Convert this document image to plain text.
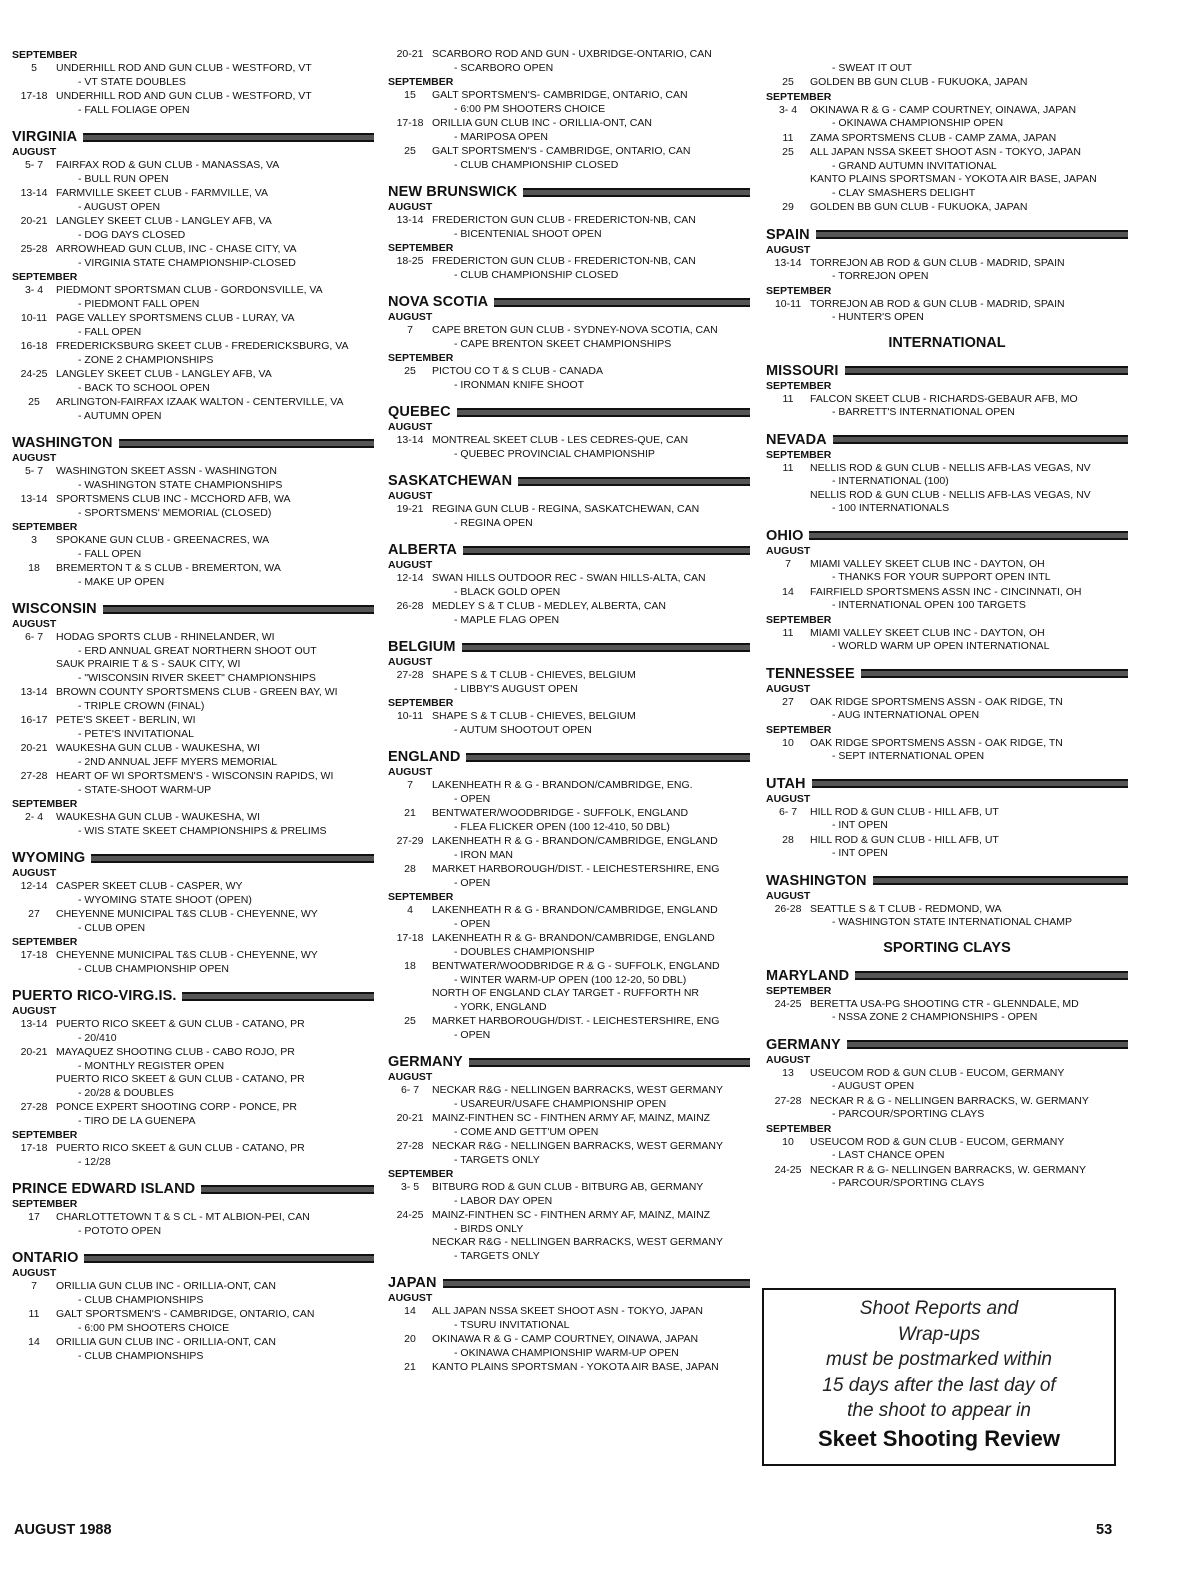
SEPTEMBER
5	UNDERHILL ROD AND GUN CLUB - WESTFORD, VT
- VT STATE DOUBLES
17-18 UNDERHILL ROD AND GUN CLUB - WESTFORD, VT
- FALL FOLIAGE OPEN
VIRGINIA
AUGUST
5- 7	FAIRFAX ROD & GUN CLUB - MANASSAS, VA
- BULL RUN OPEN
13-14 FARMVILLE SKEET CLUB - FARMVILLE, VA
- AUGUST OPEN
20-21 LANGLEY SKEET CLUB - LANGLEY AFB, VA
- DOG DAYS CLOSED
25-28 ARROWHEAD GUN CLUB, INC - CHASE CITY, VA
- VIRGINIA STATE CHAMPIONSHIP-CLOSED
SEPTEMBER
3- 4	PIEDMONT SPORTSMAN CLUB - GORDONSVILLE, VA
- PIEDMONT FALL OPEN
10-11 PAGE VALLEY SPORTSMENS CLUB - LURAY, VA
- FALL OPEN
16-18 FREDERICKSBURG SKEET CLUB - FREDERICKSBURG, VA
- ZONE 2 CHAMPIONSHIPS
24-25 LANGLEY SKEET CLUB - LANGLEY AFB, VA
- BACK TO SCHOOL OPEN
25	ARLINGTON-FAIRFAX IZAAK WALTON - CENTERVILLE, VA
- AUTUMN OPEN
WASHINGTON
AUGUST
5- 7	WASHINGTON SKEET ASSN - WASHINGTON
- WASHINGTON STATE CHAMPIONSHIPS
13-14 SPORTSMENS CLUB INC - MCCHORD AFB, WA
- SPORTSMENS' MEMORIAL (CLOSED)
SEPTEMBER
3	SPOKANE GUN CLUB - GREENACRES, WA
- FALL OPEN
18	BREMERTON T & S CLUB - BREMERTON, WA
- MAKE UP OPEN
WISCONSIN
AUGUST
6- 7	HODAG SPORTS CLUB - RHINELANDER, WI
- ERD ANNUAL GREAT NORTHERN SHOOT OUT
SAUK PRAIRIE T & S - SAUK CITY, WI
- "WISCONSIN RIVER SKEET" CHAMPIONSHIPS
13-14 BROWN COUNTY SPORTSMENS CLUB - GREEN BAY, WI
- TRIPLE CROWN (FINAL)
16-17 PETE'S SKEET - BERLIN, WI
- PETE'S INVITATIONAL
20-21 WAUKESHA GUN CLUB - WAUKESHA, WI
- 2ND ANNUAL JEFF MYERS MEMORIAL
27-28 HEART OF WI SPORTSMEN'S - WISCONSIN RAPIDS, WI
- STATE-SHOOT WARM-UP
SEPTEMBER
2- 4	WAUKESHA GUN CLUB - WAUKESHA, WI
- WIS STATE SKEET CHAMPIONSHIPS & PRELIMS
WYOMING
AUGUST
12-14 CASPER SKEET CLUB - CASPER, WY
- WYOMING STATE SHOOT (OPEN)
27	CHEYENNE MUNICIPAL T&S CLUB - CHEYENNE, WY
- CLUB OPEN
SEPTEMBER
17-18 CHEYENNE MUNICIPAL T&S CLUB - CHEYENNE, WY
- CLUB CHAMPIONSHIP OPEN
PUERTO RICO-VIRG.IS.
AUGUST
13-14 PUERTO RICO SKEET & GUN CLUB - CATANO, PR
- 20/410
20-21 MAYAQUEZ SHOOTING CLUB - CABO ROJO, PR
- MONTHLY REGISTER OPEN
PUERTO RICO SKEET & GUN CLUB - CATANO, PR
- 20/28 & DOUBLES
27-28 PONCE EXPERT SHOOTING CORP - PONCE, PR
- TIRO DE LA GUENEPA
SEPTEMBER
17-18 PUERTO RICO SKEET & GUN CLUB - CATANO, PR
- 12/28
PRINCE EDWARD ISLAND
SEPTEMBER
17	CHARLOTTETOWN T & S CL - MT ALBION-PEI, CAN
- POTOTO OPEN
ONTARIO
AUGUST
7	ORILLIA GUN CLUB INC - ORILLIA-ONT, CAN
- CLUB CHAMPIONSHIPS
11	GALT SPORTSMEN'S - CAMBRIDGE, ONTARIO, CAN
- 6:00 PM SHOOTERS CHOICE
14	ORILLIA GUN CLUB INC - ORILLIA-ONT, CAN
- CLUB CHAMPIONSHIPS
20-21 SCARBORO ROD AND GUN - UXBRIDGE-ONTARIO, CAN
- SCARBORO OPEN
SEPTEMBER
15	GALT SPORTSMEN'S- CAMBRIDGE, ONTARIO, CAN
- 6:00 PM SHOOTERS CHOICE
17-18 ORILLIA GUN CLUB INC - ORILLIA-ONT, CAN
- MARIPOSA OPEN
25	GALT SPORTSMEN'S - CAMBRIDGE, ONTARIO, CAN
- CLUB CHAMPIONSHIP CLOSED
NEW BRUNSWICK
AUGUST
13-14 FREDERICTON GUN CLUB - FREDERICTON-NB, CAN
- BICENTENIAL SHOOT OPEN
SEPTEMBER
18-25 FREDERICTON GUN CLUB - FREDERICTON-NB, CAN
- CLUB CHAMPIONSHIP CLOSED
NOVA SCOTIA
AUGUST
7	CAPE BRETON GUN CLUB - SYDNEY-NOVA SCOTIA, CAN
- CAPE BRENTON SKEET CHAMPIONSHIPS
SEPTEMBER
25	PICTOU CO T & S CLUB - CANADA
- IRONMAN KNIFE SHOOT
QUEBEC
AUGUST
13-14 MONTREAL SKEET CLUB - LES CEDRES-QUE, CAN
- QUEBEC PROVINCIAL CHAMPIONSHIP
SASKATCHEWAN
AUGUST
19-21 REGINA GUN CLUB - REGINA, SASKATCHEWAN, CAN
- REGINA OPEN
ALBERTA
AUGUST
12-14 SWAN HILLS OUTDOOR REC - SWAN HILLS-ALTA, CAN
- BLACK GOLD OPEN
26-28 MEDLEY S & T CLUB - MEDLEY, ALBERTA, CAN
- MAPLE FLAG OPEN
BELGIUM
AUGUST
27-28 SHAPE S & T CLUB - CHIEVES, BELGIUM
- LIBBY'S AUGUST OPEN
SEPTEMBER
10-11 SHAPE S & T CLUB - CHIEVES, BELGIUM
- AUTUM SHOOTOUT OPEN
ENGLAND
AUGUST
7	LAKENHEATH R & G - BRANDON/CAMBRIDGE, ENG.
- OPEN
21	BENTWATER/WOODBRIDGE - SUFFOLK, ENGLAND
- FLEA FLICKER OPEN (100 12-410, 50 DBL)
27-29 LAKENHEATH R & G - BRANDON/CAMBRIDGE, ENGLAND
- IRON MAN
28	MARKET HARBOROUGH/DIST. - LEICHESTERSHIRE, ENG
- OPEN
SEPTEMBER
4	LAKENHEATH R & G - BRANDON/CAMBRIDGE, ENGLAND
- OPEN
17-18 LAKENHEATH R & G- BRANDON/CAMBRIDGE, ENGLAND
- DOUBLES CHAMPIONSHIP
18	BENTWATER/WOODBRIDGE R & G - SUFFOLK, ENGLAND
- WINTER WARM-UP OPEN (100 12-20, 50 DBL)
NORTH OF ENGLAND CLAY TARGET - RUFFORTH NR
- YORK, ENGLAND
25	MARKET HARBOROUGH/DIST. - LEICHESTERSHIRE, ENG
- OPEN
GERMANY
AUGUST
6- 7	NECKAR R&G - NELLINGEN BARRACKS, WEST GERMANY
- USAREUR/USAFE CHAMPIONSHIP OPEN
20-21 MAINZ-FINTHEN SC - FINTHEN ARMY AF, MAINZ, MAINZ
- COME AND GETT'UM OPEN
27-28 NECKAR R&G - NELLINGEN BARRACKS, WEST GERMANY
- TARGETS ONLY
SEPTEMBER
3- 5	BITBURG ROD & GUN CLUB - BITBURG AB, GERMANY
- LABOR DAY OPEN
24-25 MAINZ-FINTHEN SC - FINTHEN ARMY AF, MAINZ, MAINZ
- BIRDS ONLY
NECKAR R&G - NELLINGEN BARRACKS, WEST GERMANY
- TARGETS ONLY
JAPAN
AUGUST
14	ALL JAPAN NSSA SKEET SHOOT ASN - TOKYO, JAPAN
- TSURU INVITATIONAL
20	OKINAWA R & G - CAMP COURTNEY, OINAWA, JAPAN
- OKINAWA CHAMPIONSHIP WARM-UP OPEN
21	KANTO PLAINS SPORTSMAN - YOKOTA AIR BASE, JAPAN
- SWEAT IT OUT
25	GOLDEN BB GUN CLUB - FUKUOKA, JAPAN
SEPTEMBER
3- 4	OKINAWA R & G - CAMP COURTNEY, OINAWA, JAPAN
- OKINAWA CHAMPIONSHIP OPEN
11	ZAMA SPORTSMENS CLUB - CAMP ZAMA, JAPAN
25	ALL JAPAN NSSA SKEET SHOOT ASN - TOKYO, JAPAN
- GRAND AUTUMN INVITATIONAL
KANTO PLAINS SPORTSMAN - YOKOTA AIR BASE, JAPAN
- CLAY SMASHERS DELIGHT
29	GOLDEN BB GUN CLUB - FUKUOKA, JAPAN
SPAIN
AUGUST
13-14 TORREJON AB ROD & GUN CLUB - MADRID, SPAIN
- TORREJON OPEN
SEPTEMBER
10-11 TORREJON AB ROD & GUN CLUB - MADRID, SPAIN
- HUNTER'S OPEN
INTERNATIONAL
MISSOURI
SEPTEMBER
11	FALCON SKEET CLUB - RICHARDS-GEBAUR AFB, MO
- BARRETT'S INTERNATIONAL OPEN
NEVADA
SEPTEMBER
11	NELLIS ROD & GUN CLUB - NELLIS AFB-LAS VEGAS, NV
- INTERNATIONAL (100)
NELLIS ROD & GUN CLUB - NELLIS AFB-LAS VEGAS, NV
- 100 INTERNATIONALS
OHIO
AUGUST
7	MIAMI VALLEY SKEET CLUB INC - DAYTON, OH
- THANKS FOR YOUR SUPPORT OPEN INTL
14	FAIRFIELD SPORTSMENS ASSN INC - CINCINNATI, OH
- INTERNATIONAL OPEN 100 TARGETS
SEPTEMBER
11	MIAMI VALLEY SKEET CLUB INC - DAYTON, OH
- WORLD WARM UP OPEN INTERNATIONAL
TENNESSEE
AUGUST
27	OAK RIDGE SPORTSMENS ASSN - OAK RIDGE, TN
- AUG INTERNATIONAL OPEN
SEPTEMBER
10	OAK RIDGE SPORTSMENS ASSN - OAK RIDGE, TN
- SEPT INTERNATIONAL OPEN
UTAH
AUGUST
6- 7	HILL ROD & GUN CLUB - HILL AFB, UT
- INT OPEN
28	HILL ROD & GUN CLUB - HILL AFB, UT
- INT OPEN
WASHINGTON
AUGUST
26-28 SEATTLE S & T CLUB - REDMOND, WA
- WASHINGTON STATE INTERNATIONAL CHAMP
SPORTING CLAYS
MARYLAND
SEPTEMBER
24-25 BERETTA USA-PG SHOOTING CTR - GLENNDALE, MD
- NSSA ZONE 2 CHAMPIONSHIPS - OPEN
GERMANY
AUGUST
13	USEUCOM ROD & GUN CLUB - EUCOM, GERMANY
- AUGUST OPEN
27-28 NECKAR R & G - NELLINGEN BARRACKS, W. GERMANY
- PARCOUR/SPORTING CLAYS
SEPTEMBER
10	USEUCOM ROD & GUN CLUB - EUCOM, GERMANY
- LAST CHANCE OPEN
24-25 NECKAR R & G- NELLINGEN BARRACKS, W. GERMANY
- PARCOUR/SPORTING CLAYS
Shoot Reports and
Wrap-ups
must be postmarked within
15 days after the last day of
the shoot to appear in
Skeet Shooting Review
AUGUST 1988	53
